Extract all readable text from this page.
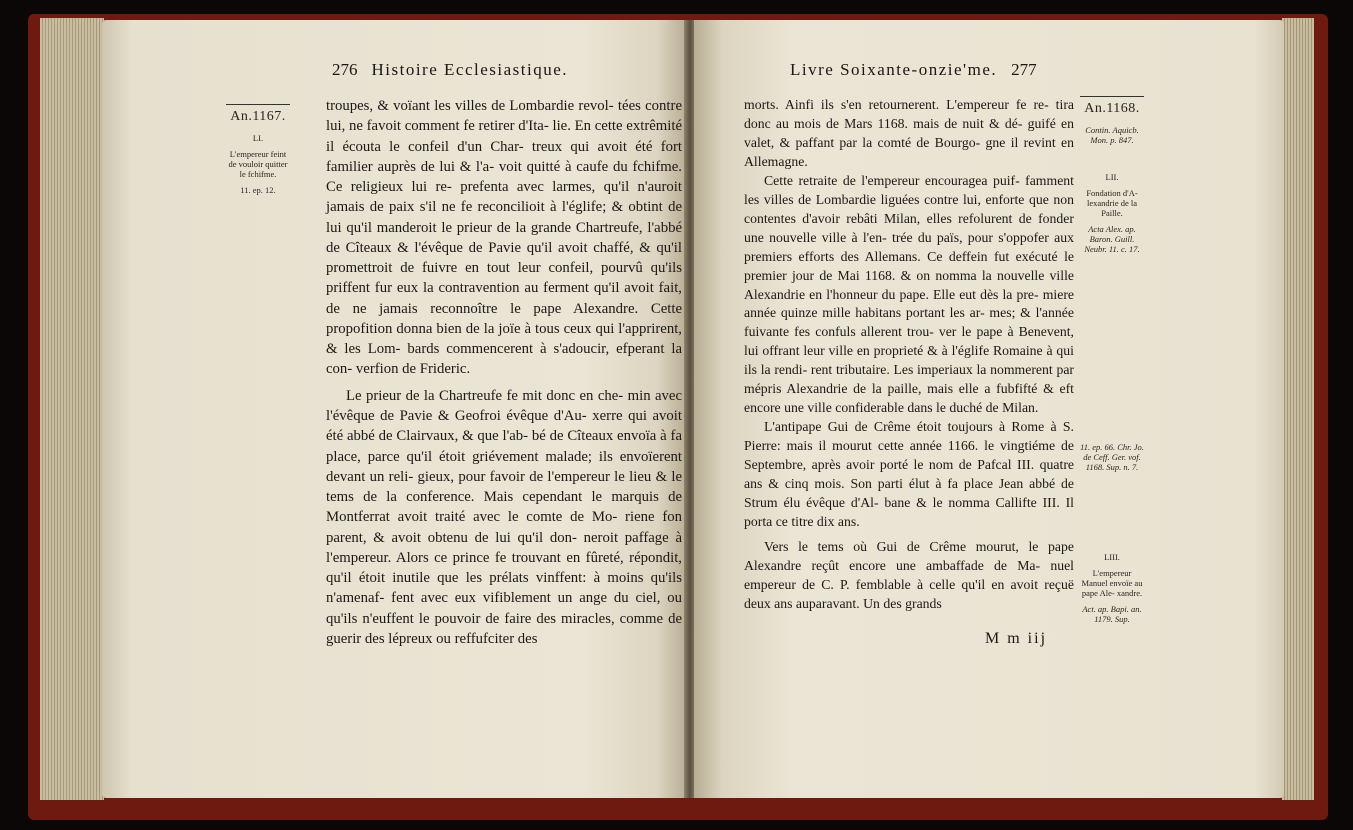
276 Histoire Ecclesiastique.
An.1167.
LI.
L'empereur feint de vouloir quitter le fchifme.
11. ep. 12.

troupes, & voïant les villes de Lombardie revol- tées contre lui, ne favoit comment fe retirer d'Ita- lie. En cette extrêmité il écouta le confeil d'un Char- treux qui avoit été fort familier auprès de lui & l'a- voit quitté à caufe du fchifme. Ce religieux lui re- prefenta avec larmes, qu'il n'auroit jamais de paix s'il ne fe reconcilioit à l'églife; & obtint de lui qu'il manderoit le prieur de la grande Chartreufe, l'abbé de Cîteaux & l'évêque de Pavie qu'il avoit chaffé, & qu'il promettroit de fuivre en tout leur confeil, pourvû qu'ils priffent fur eux la contravention au ferment qu'il avoit fait, de ne jamais reconnoître le pape Alexandre. Cette propofition donna bien de la joïe à tous ceux qui l'apprirent, & les Lom- bards commencerent à s'adoucir, efperant la con- verfion de Frideric.

Le prieur de la Chartreufe fe mit donc en che- min avec l'évêque de Pavie & Geofroi évêque d'Au- xerre qui avoit été abbé de Clairvaux, & que l'ab- bé de Cîteaux envoïa à fa place, parce qu'il étoit griévement malade; ils envoïerent devant un reli- gieux, pour favoir de l'empereur le lieu & le tems de la conference. Mais cependant le marquis de Montferrat avoit traité avec le comte de Mo- riene fon parent, & avoit obtenu de lui qu'il don- neroit paffage à l'empereur. Alors ce prince fe trouvant en fûreté, répondit, qu'il étoit inutile que les prélats vinffent: à moins qu'ils n'amenaf- fent avec eux vifiblement un ange du ciel, ou qu'ils n'euffent le pouvoir de faire des miracles, comme de guerir des lépreux ou reffufciter des

Livre Soixante-onzie'me. 277

morts. Ainfi ils s'en retournerent. L'empereur fe re- tira donc au mois de Mars 1168. mais de nuit & dé- guifé en valet, & paffant par la comté de Bourgo- gne il revint en Allemagne.

Cette retraite de l'empereur encouragea puif- famment les villes de Lombardie liguées contre lui, enforte que non contentes d'avoir rebâti Milan, elles refolurent de fonder une nouvelle ville à l'en- trée du païs, pour s'oppofer aux premiers efforts des Allemans. Ce deffein fut exécuté le premier jour de Mai 1168. & on nomma la nouvelle ville Alexandrie en l'honneur du pape. Elle eut dès la pre- miere année quinze mille habitans portant les ar- mes; & l'année fuivante fes confuls allerent trou- ver le pape à Benevent, lui offrant leur ville en proprieté & à l'églife Romaine à qui ils la rendi- rent tributaire. Les imperiaux la nommerent par mépris Alexandrie de la paille, mais elle a fubfifté & eft encore une ville confiderable dans le duché de Milan.

L'antipape Gui de Crême étoit toujours à Rome à S. Pierre: mais il mourut cette année 1166. le vingtiéme de Septembre, après avoir porté le nom de Pafcal III. quatre ans & cinq mois. Son parti élut à fa place Jean abbé de Strum élu évêque d'Al- bane & le nomma Callifte III. Il porta ce titre dix ans.

Vers le tems où Gui de Crême mourut, le pape Alexandre reçût encore une ambaffade de Ma- nuel empereur de C. P. femblable à celle qu'il en avoit reçuë deux ans auparavant. Un des grands

An.1168.
Contin. Aquicb. Mon. p. 847.
LII.
Fondation d'A- lexandrie de la Paille.
Acta Alex. ap. Baron. Guill. Neubr. 11. c. 17.
11. ep. 66. Chr. Jo. de Ceff. Ger. vof. 1168. Sup. n. 7.
LIII.
L'empereur Manuel envoïe au pape Ale- xandre.
Act. ap. Bapi. an. 1179. Sup.
M m iij
